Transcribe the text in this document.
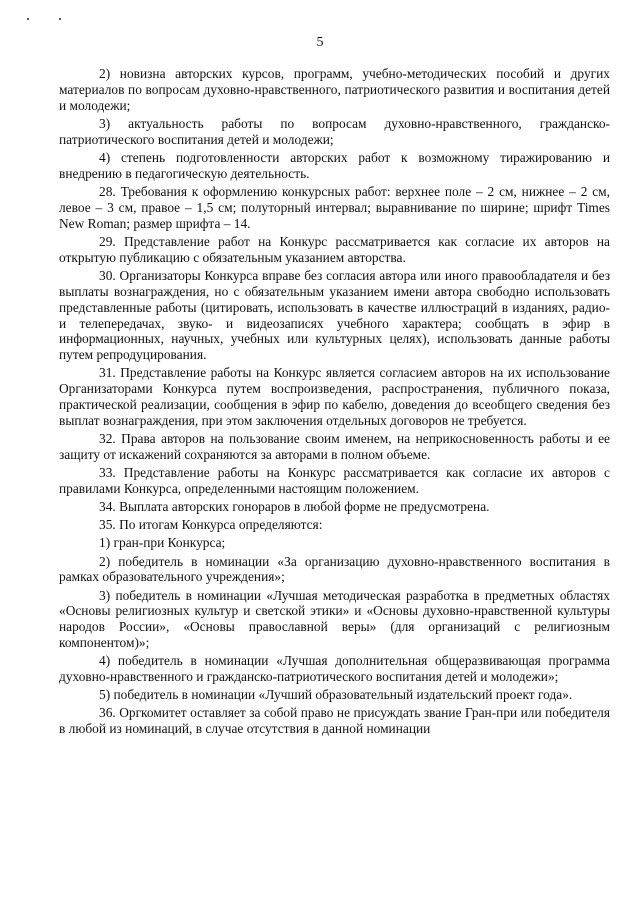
5

2) новизна авторских курсов, программ, учебно-методических пособий и других материалов по вопросам духовно-нравственного, патриотического развития и воспитания детей и молодежи;

3) актуальность работы по вопросам духовно-нравственного, гражданско-патриотического воспитания детей и молодежи;

4) степень подготовленности авторских работ к возможному тиражированию и внедрению в педагогическую деятельность.

28. Требования к оформлению конкурсных работ: верхнее поле – 2 см, нижнее – 2 см, левое – 3 см, правое – 1,5 см; полуторный интервал; выравнивание по ширине; шрифт Times New Roman; размер шрифта – 14.

29. Представление работ на Конкурс рассматривается как согласие их авторов на открытую публикацию с обязательным указанием авторства.

30. Организаторы Конкурса вправе без согласия автора или иного правообладателя и без выплаты вознаграждения, но с обязательным указанием имени автора свободно использовать представленные работы (цитировать, использовать в качестве иллюстраций в изданиях, радио- и телепередачах, звуко- и видеозаписях учебного характера; сообщать в эфир в информационных, научных, учебных или культурных целях), использовать данные работы путем репродуцирования.

31. Представление работы на Конкурс является согласием авторов на их использование Организаторами Конкурса путем воспроизведения, распространения, публичного показа, практической реализации, сообщения в эфир по кабелю, доведения до всеобщего сведения без выплат вознаграждения, при этом заключения отдельных договоров не требуется.

32. Права авторов на пользование своим именем, на неприкосновенность работы и ее защиту от искажений сохраняются за авторами в полном объеме.

33. Представление работы на Конкурс рассматривается как согласие их авторов с правилами Конкурса, определенными настоящим положением.

34. Выплата авторских гонораров в любой форме не предусмотрена.

35. По итогам Конкурса определяются:

1) гран-при Конкурса;

2) победитель в номинации «За организацию духовно-нравственного воспитания в рамках образовательного учреждения»;

3) победитель в номинации «Лучшая методическая разработка в предметных областях «Основы религиозных культур и светской этики» и «Основы духовно-нравственной культуры народов России», «Основы православной веры» (для организаций с религиозным компонентом)»;

4) победитель в номинации «Лучшая дополнительная общеразвивающая программа духовно-нравственного и гражданско-патриотического воспитания детей и молодежи»;

5) победитель в номинации «Лучший образовательный издательский проект года».

36. Оргкомитет оставляет за собой право не присуждать звание Гран-при или победителя в любой из номинаций, в случае отсутствия в данной номинации
